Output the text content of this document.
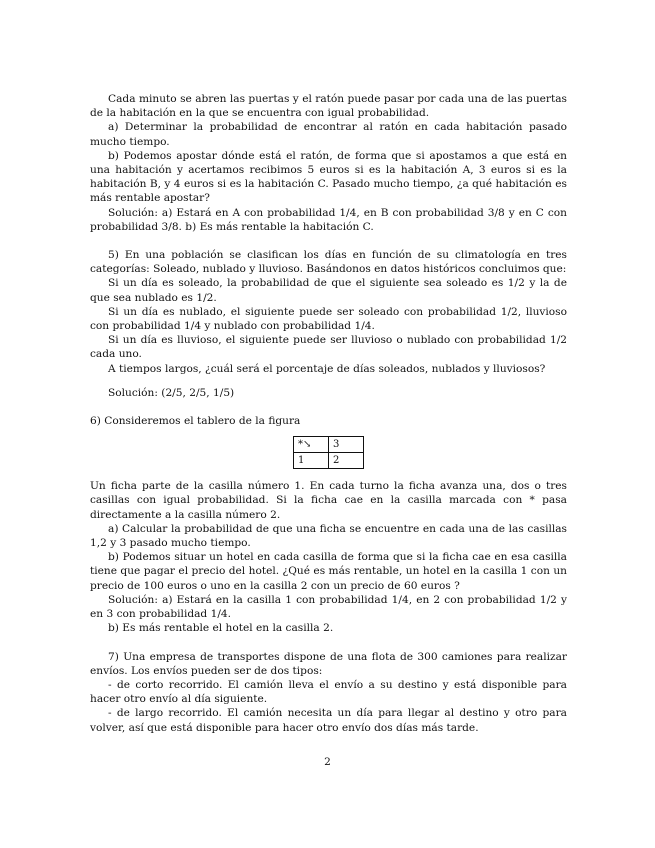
Cada minuto se abren las puertas y el ratón puede pasar por cada una de las puertas de la habitación en la que se encuentra con igual probabilidad.

a) Determinar la probabilidad de encontrar al ratón en cada habitación pasado mucho tiempo.

b) Podemos apostar dónde está el ratón, de forma que si apostamos a que está en una habitación y acertamos recibimos 5 euros si es la habitación A, 3 euros si es la habitación B, y 4 euros si es la habitación C. Pasado mucho tiempo, ¿a qué habitación es más rentable apostar?

Solución: a) Estará en A con probabilidad 1/4, en B con probabilidad 3/8 y en C con probabilidad 3/8. b) Es más rentable la habitación C.

5) En una población se clasifican los días en función de su climatología en tres categorías: Soleado, nublado y lluvioso. Basándonos en datos históricos concluimos que:

Si un día es soleado, la probabilidad de que el siguiente sea soleado es 1/2 y la de que sea nublado es 1/2.

Si un día es nublado, el siguiente puede ser soleado con probabilidad 1/2, lluvioso con probabilidad 1/4 y nublado con probabilidad 1/4.

Si un día es lluvioso, el siguiente puede ser lluvioso o nublado con probabilidad 1/2 cada uno.

A tiempos largos, ¿cuál será el porcentaje de días soleados, nublados y lluviosos?

Solución: (2/5, 2/5, 1/5)

6) Consideremos el tablero de la figura

*↘	3
1	2

Un ficha parte de la casilla número 1. En cada turno la ficha avanza una, dos o tres casillas con igual probabilidad. Si la ficha cae en la casilla marcada con * pasa directamente a la casilla número 2.

a) Calcular la probabilidad de que una ficha se encuentre en cada una de las casillas 1,2 y 3 pasado mucho tiempo.

b) Podemos situar un hotel en cada casilla de forma que si la ficha cae en esa casilla tiene que pagar el precio del hotel. ¿Qué es más rentable, un hotel en la casilla 1 con un precio de 100 euros o uno en la casilla 2 con un precio de 60 euros ?

Solución: a) Estará en la casilla 1 con probabilidad 1/4, en 2 con probabilidad 1/2 y en 3 con probabilidad 1/4.

b) Es más rentable el hotel en la casilla 2.

7) Una empresa de transportes dispone de una flota de 300 camiones para realizar envíos. Los envíos pueden ser de dos tipos:

- de corto recorrido. El camión lleva el envío a su destino y está disponible para hacer otro envío al día siguiente.

- de largo recorrido. El camión necesita un día para llegar al destino y otro para volver, así que está disponible para hacer otro envío dos días más tarde.

2
